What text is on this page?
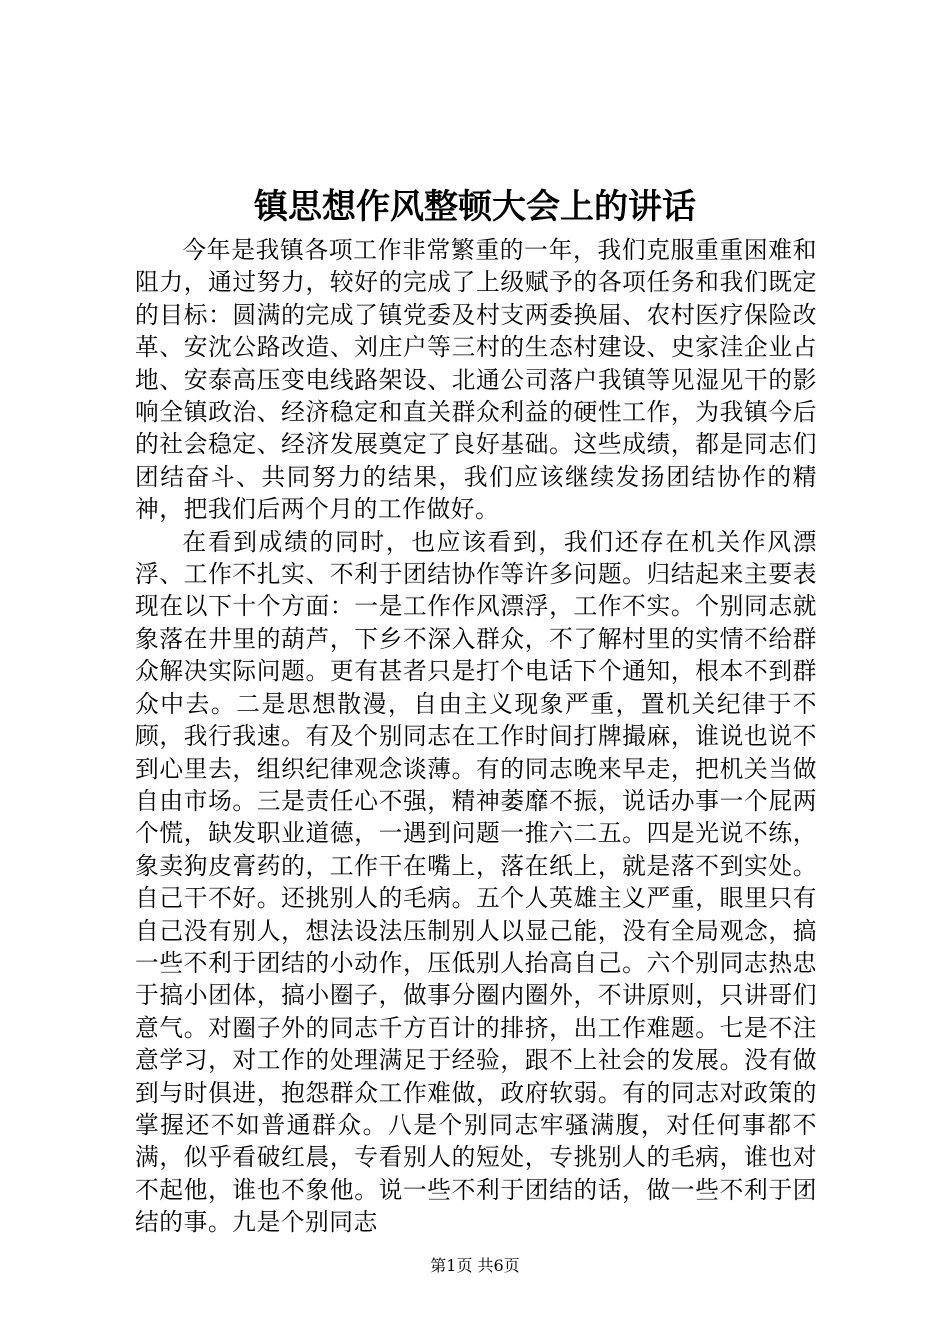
镇思想作风整顿大会上的讲话

今年是我镇各项工作非常繁重的一年，我们克服重重困难和阻力，通过努力，较好的完成了上级赋予的各项任务和我们既定的目标：圆满的完成了镇党委及村支两委换届、农村医疗保险改革、安沈公路改造、刘庄户等三村的生态村建设、史家洼企业占地、安泰高压变电线路架设、北通公司落户我镇等见湿见干的影响全镇政治、经济稳定和直关群众利益的硬性工作，为我镇今后的社会稳定、经济发展奠定了良好基础。这些成绩，都是同志们团结奋斗、共同努力的结果，我们应该继续发扬团结协作的精神，把我们后两个月的工作做好。

在看到成绩的同时，也应该看到，我们还存在机关作风漂浮、工作不扎实、不利于团结协作等许多问题。归结起来主要表现在以下十个方面：一是工作作风漂浮，工作不实。个别同志就象落在井里的葫芦，下乡不深入群众，不了解村里的实情不给群众解决实际问题。更有甚者只是打个电话下个通知，根本不到群众中去。二是思想散漫，自由主义现象严重，置机关纪律于不顾，我行我速。有及个别同志在工作时间打牌撮麻，谁说也说不到心里去，组织纪律观念谈薄。有的同志晚来早走，把机关当做自由市场。三是责任心不强，精神萎靡不振，说话办事一个屁两个慌，缺发职业道德，一遇到问题一推六二五。四是光说不练，象卖狗皮膏药的，工作干在嘴上，落在纸上，就是落不到实处。自己干不好。还挑别人的毛病。五个人英雄主义严重，眼里只有自己没有别人，想法设法压制别人以显己能，没有全局观念，搞一些不利于团结的小动作，压低别人抬高自己。六个别同志热忠于搞小团体，搞小圈子，做事分圈内圈外，不讲原则，只讲哥们意气。对圈子外的同志千方百计的排挤，出工作难题。七是不注意学习，对工作的处理满足于经验，跟不上社会的发展。没有做到与时俱进，抱怨群众工作难做，政府软弱。有的同志对政策的掌握还不如普通群众。八是个别同志牢骚满腹，对任何事都不满，似乎看破红晨，专看别人的短处，专挑别人的毛病，谁也对不起他，谁也不象他。说一些不利于团结的话，做一些不利于团结的事。九是个别同志

第1页 共6页
